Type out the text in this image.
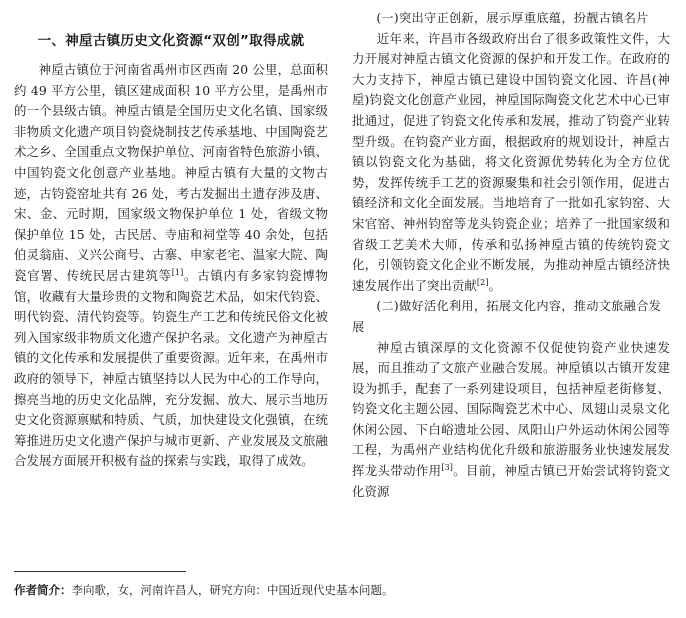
一、神垕古镇历史文化资源“双创”取得成就

神垕古镇位于河南省禹州市区西南 20 公里，总面积约 49 平方公里，镇区建成面积 10 平方公里，是禹州市的一个县级古镇。神垕古镇是全国历史文化名镇、国家级非物质文化遗产项目钧瓷烧制技艺传承基地、中国陶瓷艺术之乡、全国重点文物保护单位、河南省特色旅游小镇、中国钧瓷文化创意产业基地。神垕古镇有大量的文物古迹，古钧瓷窑址共有 26 处，考古发掘出土遗存涉及唐、宋、金、元时期，国家级文物保护单位 1 处，省级文物保护单位 15 处，古民居、寺庙和祠堂等 40 余处，包括伯灵翁庙、义兴公商号、古寨、申家老宅、温家大院、陶瓷官署、传统民居古建筑等[1]。古镇内有多家钧瓷博物馆，收藏有大量珍贵的文物和陶瓷艺术品，如宋代钧瓷、明代钧瓷、清代钧瓷等。钧瓷生产工艺和传统民俗文化被列入国家级非物质文化遗产保护名录。文化遗产为神垕古镇的文化传承和发展提供了重要资源。近年来，在禹州市政府的领导下，神垕古镇坚持以人民为中心的工作导向，擦亮当地的历史文化品牌，充分发掘、放大、展示当地历史文化资源禀赋和特质、气质，加快建设文化强镇，在统筹推进历史文化遗产保护与城市更新、产业发展及文旅融合发展方面展开积极有益的探索与实践，取得了成效。

(一)突出守正创新，展示厚重底蕴，扮靓古镇名片

近年来，许昌市各级政府出台了很多政策性文件，大力开展对神垕古镇文化资源的保护和开发工作。在政府的大力支持下，神垕古镇已建设中国钧瓷文化园、许昌(神垕)钧瓷文化创意产业园，神垕国际陶瓷文化艺术中心已审批通过，促进了钧瓷文化传承和发展，推动了钧瓷产业转型升级。在钧瓷产业方面，根据政府的规划设计，神垕古镇以钧瓷文化为基础，将文化资源优势转化为全方位优势，发挥传统手工艺的资源聚集和社会引领作用，促进古镇经济和文化全面发展。当地培育了一批如孔家钧窑、大宋官窑、神州钧窑等龙头钧瓷企业；培养了一批国家级和省级工艺美术大师，传承和弘扬神垕古镇的传统钧瓷文化，引领钧瓷文化企业不断发展，为推动神垕古镇经济快速发展作出了突出贡献[2]。

(二)做好活化利用，拓展文化内容，推动文旅融合发展

神垕古镇深厚的文化资源不仅促使钧瓷产业快速发展，而且推动了文旅产业融合发展。神垕镇以古镇开发建设为抓手，配套了一系列建设项目，包括神垕老街修复、钧瓷文化主题公园、国际陶瓷艺术中心、凤翅山灵泉文化休闲公园、下白峪遗址公园、凤阳山户外运动休闲公园等工程，为禹州产业结构优化升级和旅游服务业快速发展发挥龙头带动作用[3]。目前，神垕古镇已开始尝试将钧瓷文化资源

作者简介：李向歌，女，河南许昌人，研究方向：中国近现代史基本问题。
